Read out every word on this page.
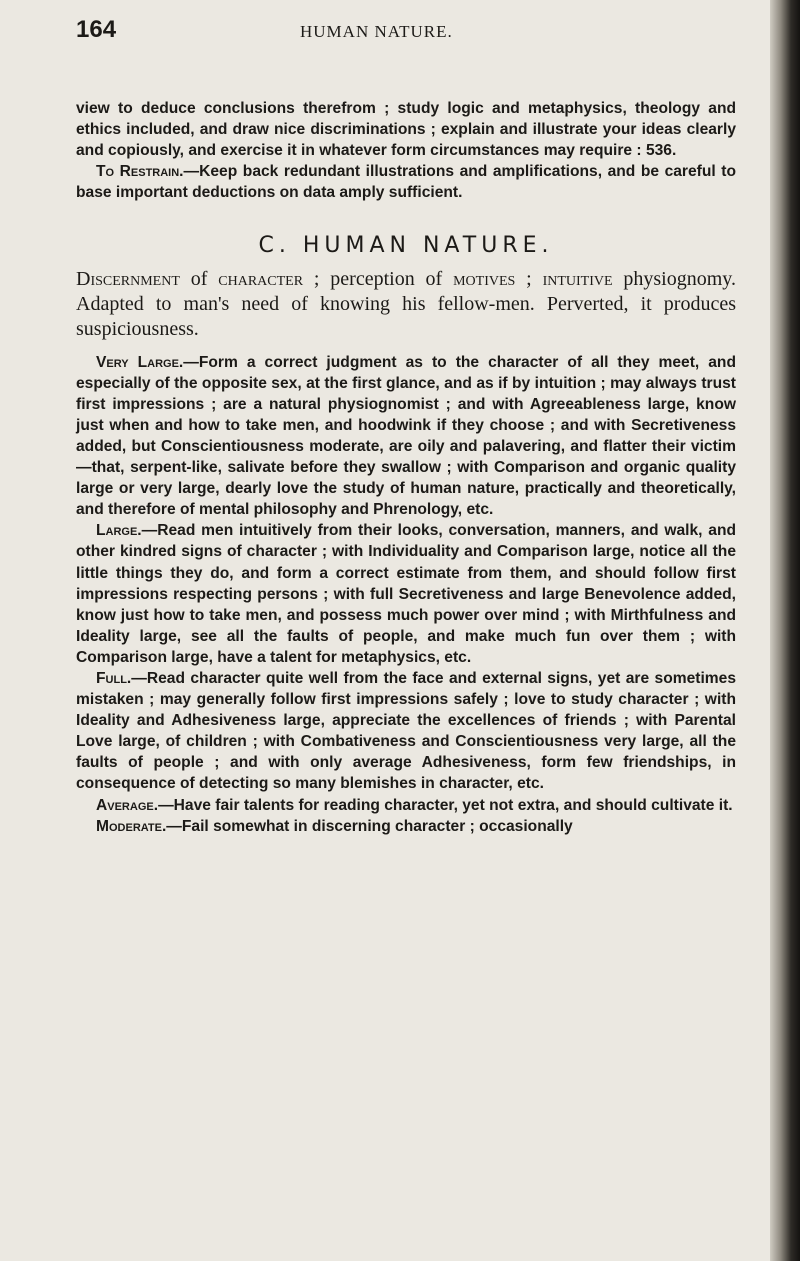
164	HUMAN NATURE.

view to deduce conclusions therefrom ; study logic and metaphysics, theology and ethics included, and draw nice discriminations ; explain and illustrate your ideas clearly and copiously, and exercise it in whatever form circumstances may require : 536.

To Restrain.—Keep back redundant illustrations and amplifications, and be careful to base important deductions on data amply sufficient.

C. HUMAN NATURE.

Discernment of character ; perception of motives ; intuitive physiognomy. Adapted to man's need of knowing his fellow-men. Perverted, it produces suspiciousness.

Very Large.—Form a correct judgment as to the character of all they meet, and especially of the opposite sex, at the first glance, and as if by intuition ; may always trust first impressions ; are a natural physiognomist ; and with Agreeableness large, know just when and how to take men, and hoodwink if they choose ; and with Secretiveness added, but Conscientiousness moderate, are oily and palavering, and flatter their victim—that, serpent-like, salivate before they swallow ; with Comparison and organic quality large or very large, dearly love the study of human nature, practically and theoretically, and therefore of mental philosophy and Phrenology, etc.

Large.—Read men intuitively from their looks, conversation, manners, and walk, and other kindred signs of character ; with Individuality and Comparison large, notice all the little things they do, and form a correct estimate from them, and should follow first impressions respecting persons ; with full Secretiveness and large Benevolence added, know just how to take men, and possess much power over mind ; with Mirthfulness and Ideality large, see all the faults of people, and make much fun over them ; with Comparison large, have a talent for metaphysics, etc.

Full.—Read character quite well from the face and external signs, yet are sometimes mistaken ; may generally follow first impressions safely ; love to study character ; with Ideality and Adhesiveness large, appreciate the excellences of friends ; with Parental Love large, of children ; with Combativeness and Conscientiousness very large, all the faults of people ; and with only average Adhesiveness, form few friendships, in consequence of detecting so many blemishes in character, etc.

Average.—Have fair talents for reading character, yet not extra, and should cultivate it.

Moderate.—Fail somewhat in discerning character ; occasionally
